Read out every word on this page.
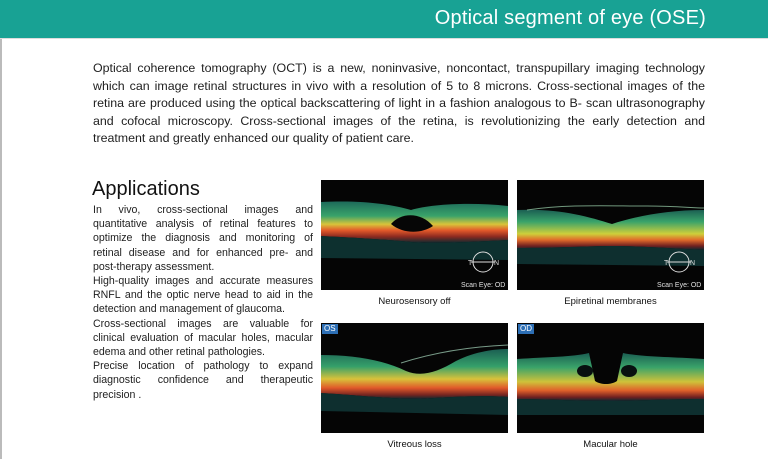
Optical segment of eye (OSE)
Optical coherence tomography (OCT) is a new, noninvasive, noncontact, transpupillary imaging technology which can image retinal structures in vivo with a resolution of 5 to 8 microns. Cross-sectional images of the retina are produced using the optical backscattering of light in a fashion analogous to B- scan ultrasonography and cofocal microscopy. Cross-sectional images of the retina, is revolutionizing the early detection and treatment and greatly enhanced our quality of patient care.
Applications

In vivo, cross-sectional images and quantitative analysis of retinal features to optimize the diagnosis and monitoring of retinal disease and for enhanced pre- and post-therapy assessment.

High-quality images and accurate measures RNFL and the optic nerve head to aid in the detection and management of glaucoma.

Cross-sectional images are valuable for clinical evaluation of macular holes, macular edema and other retinal pathologies.

Precise location of pathology to expand diagnostic confidence and therapeutic precision .

T	N
Scan Eye: OD
Neurosensory off
T	N
Scan Eye: OD
Epiretinal membranes
OS
Vitreous loss
OD
Macular hole
